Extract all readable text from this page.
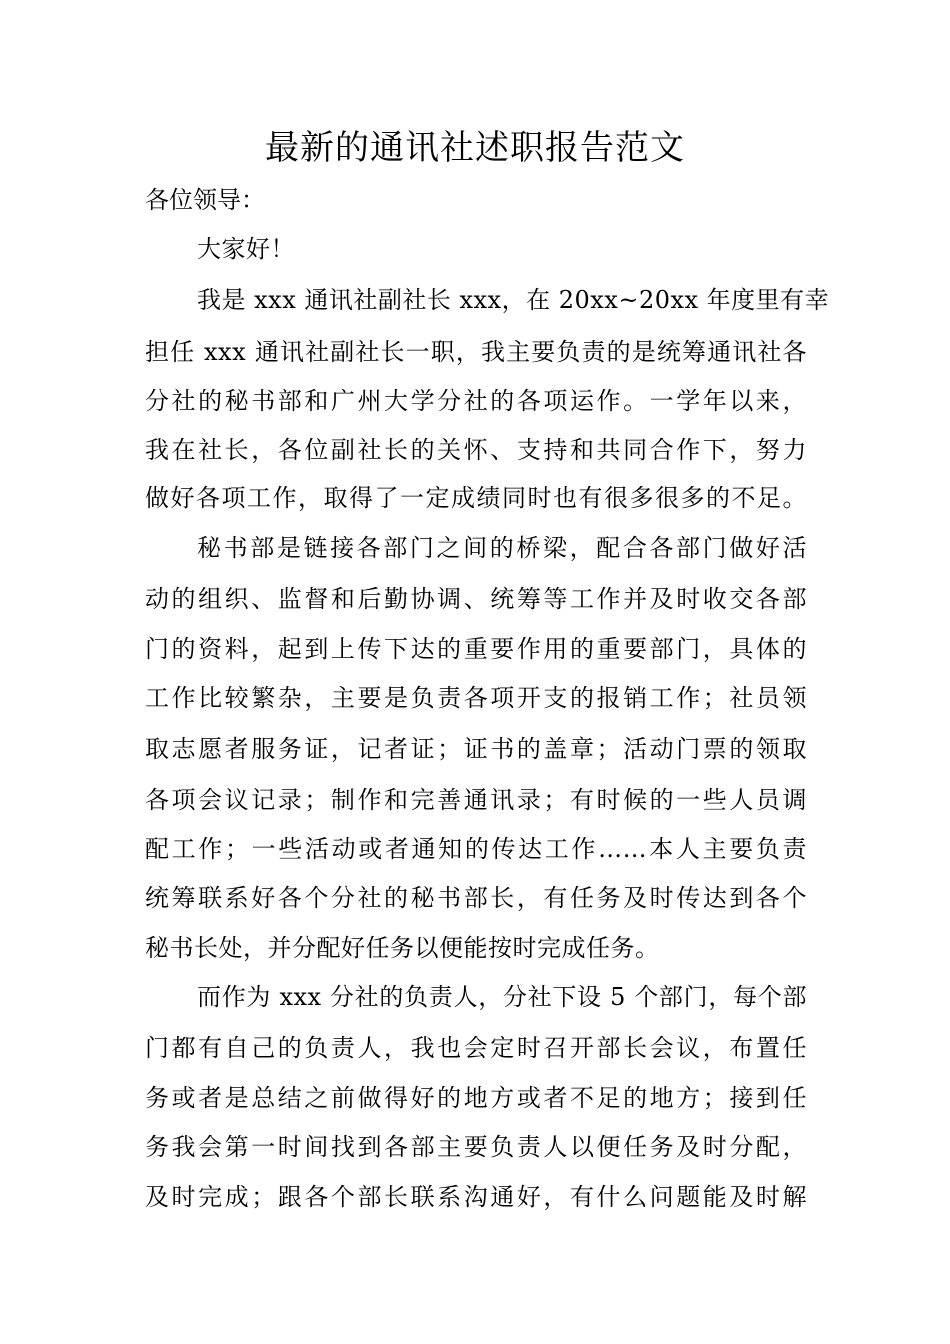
最新的通讯社述职报告范文
各位领导：
大家好！
我是 xxx 通讯社副社长 xxx，在 20xx~20xx 年度里有幸
担任 xxx 通讯社副社长一职，我主要负责的是统筹通讯社各
分社的秘书部和广州大学分社的各项运作。一学年以来，
我在社长，各位副社长的关怀、支持和共同合作下，努力
做好各项工作，取得了一定成绩同时也有很多很多的不足。
秘书部是链接各部门之间的桥梁，配合各部门做好活
动的组织、监督和后勤协调、统筹等工作并及时收交各部
门的资料，起到上传下达的重要作用的重要部门，具体的
工作比较繁杂，主要是负责各项开支的报销工作；社员领
取志愿者服务证，记者证；证书的盖章；活动门票的领取
各项会议记录；制作和完善通讯录；有时候的一些人员调
配工作；一些活动或者通知的传达工作……本人主要负责
统筹联系好各个分社的秘书部长，有任务及时传达到各个
秘书长处，并分配好任务以便能按时完成任务。
而作为 xxx 分社的负责人，分社下设 5 个部门，每个部
门都有自己的负责人，我也会定时召开部长会议，布置任
务或者是总结之前做得好的地方或者不足的地方；接到任
务我会第一时间找到各部主要负责人以便任务及时分配，
及时完成；跟各个部长联系沟通好，有什么问题能及时解
